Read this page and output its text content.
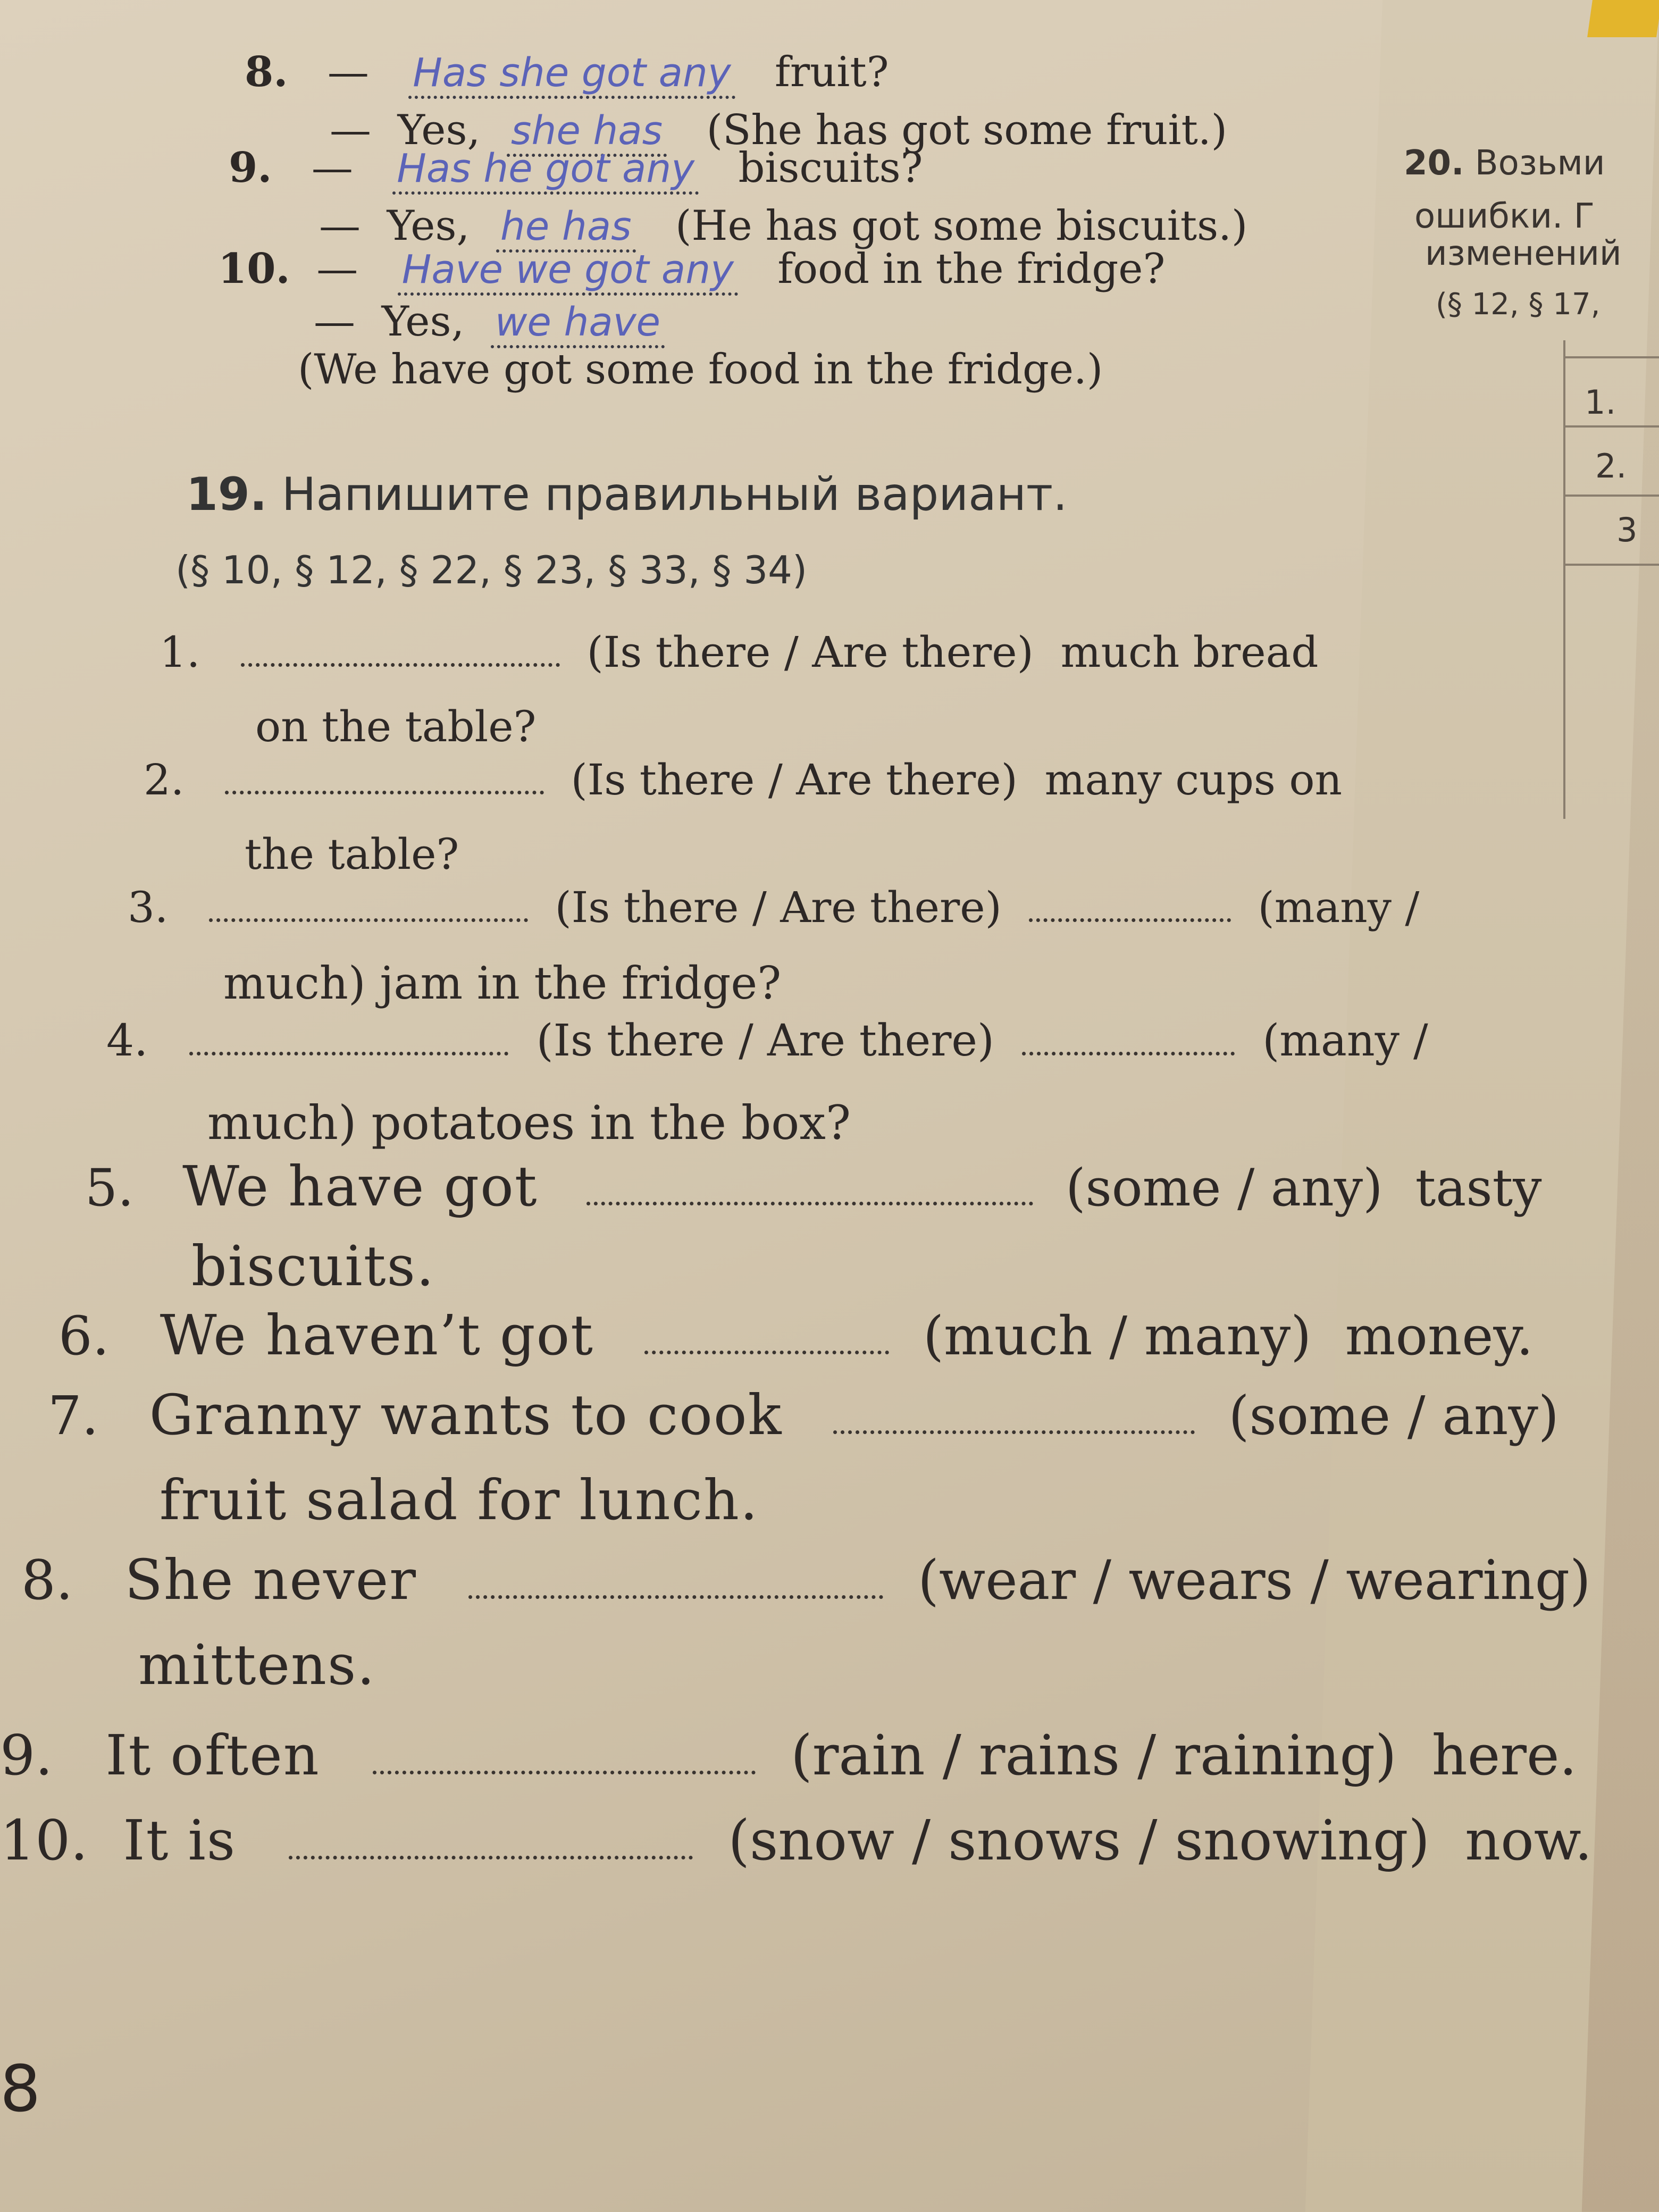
20. Возьми
ошибки. Г
изменений
(§ 12, § 17,
1.
2.
3
8. — Has she got any fruit?
— Yes, she has (She has got some fruit.)
9. — Has he got any biscuits?
— Yes, he has (He has got some biscuits.)
10. — Have we got any food in the fridge?
— Yes, we have
(We have got some food in the fridge.)
19. Напишите правильный вариант.
(§ 10, § 12, § 22, § 23, § 33, § 34)
1.	(Is there / Are there) much bread
on the table?
2.	(Is there / Are there) many cups on
the table?
3.	(Is there / Are there)	(many /
much) jam in the fridge?
4.	(Is there / Are there)	(many /
much) potatoes in the box?
5. We have got	(some / any) tasty
biscuits.
6. We haven’t got	(much / many) money.
7. Granny wants to cook	(some / any)
fruit salad for lunch.
8. She never	(wear / wears / wearing)
mittens.
9. It often	(rain / rains / raining) here.
10. It is	(snow / snows / snowing) now.
8
